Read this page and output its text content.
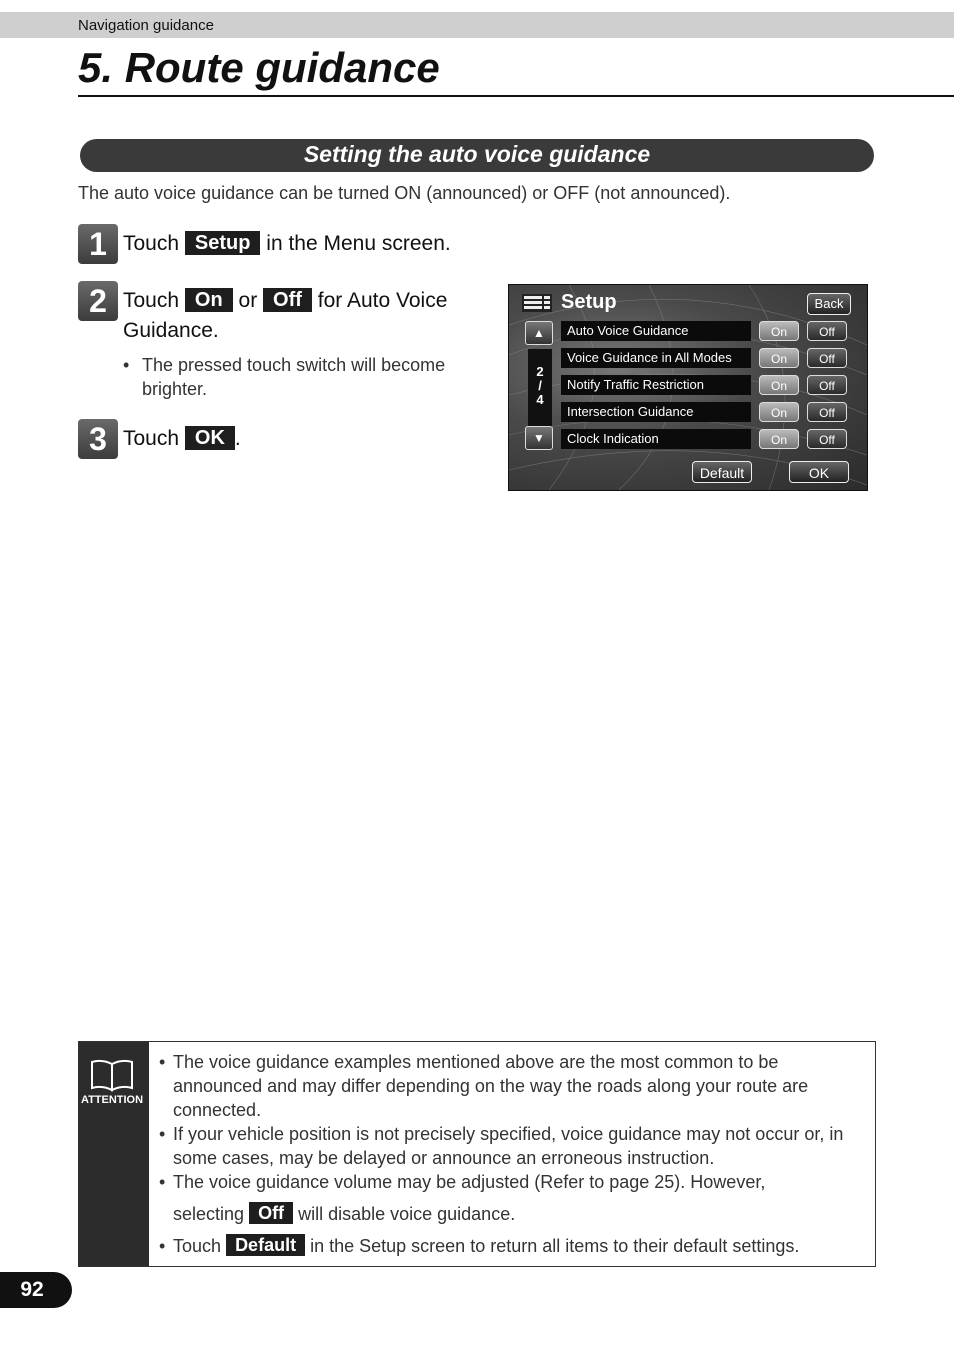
Navigation guidance
5. Route guidance
Setting the auto voice guidance
The auto voice guidance can be turned ON (announced) or OFF (not announced).
1 Touch Setup in the Menu screen.
2 Touch On or Off for Auto Voice Guidance.
• The pressed touch switch will become brighter.
3 Touch OK .
Setup	Back
▲
2
/
4
▼
Auto Voice Guidance	On	Off
Voice Guidance in All Modes	On	Off
Notify Traffic Restriction	On	Off
Intersection Guidance	On	Off
Clock Indication	On	Off
Default	OK
ATTENTION

• The voice guidance examples mentioned above are the most common to be announced and may differ depending on the way the roads along your route are connected.

• If your vehicle position is not precisely specified, voice guidance may not occur or, in some cases, may be delayed or announce an erroneous instruction.

• The voice guidance volume may be adjusted (Refer to page 25). However,

selecting Off will disable voice guidance.

• Touch Default in the Setup screen to return all items to their default settings.

92
